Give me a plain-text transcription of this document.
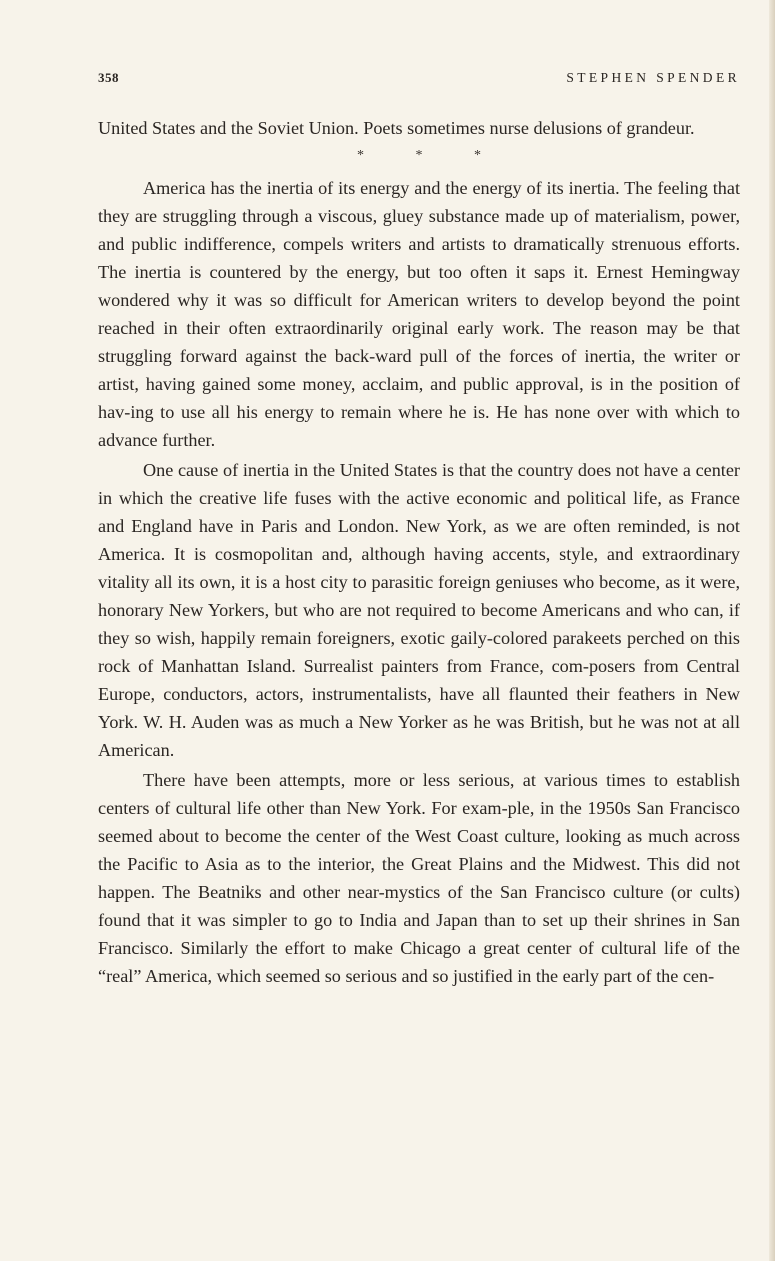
358	STEPHEN SPENDER

United States and the Soviet Union. Poets sometimes nurse delusions of grandeur.

* * *

America has the inertia of its energy and the energy of its inertia. The feeling that they are struggling through a viscous, gluey substance made up of materialism, power, and public indifference, compels writers and artists to dramatically strenuous efforts. The inertia is countered by the energy, but too often it saps it. Ernest Hemingway wondered why it was so difficult for American writers to develop beyond the point reached in their often extraordinarily original early work. The reason may be that struggling forward against the back-ward pull of the forces of inertia, the writer or artist, having gained some money, acclaim, and public approval, is in the position of hav-ing to use all his energy to remain where he is. He has none over with which to advance further.

One cause of inertia in the United States is that the country does not have a center in which the creative life fuses with the active economic and political life, as France and England have in Paris and London. New York, as we are often reminded, is not America. It is cosmopolitan and, although having accents, style, and extraordinary vitality all its own, it is a host city to parasitic foreign geniuses who become, as it were, honorary New Yorkers, but who are not required to become Americans and who can, if they so wish, happily remain foreigners, exotic gaily-colored parakeets perched on this rock of Manhattan Island. Surrealist painters from France, com-posers from Central Europe, conductors, actors, instrumentalists, have all flaunted their feathers in New York. W. H. Auden was as much a New Yorker as he was British, but he was not at all American.

There have been attempts, more or less serious, at various times to establish centers of cultural life other than New York. For exam-ple, in the 1950s San Francisco seemed about to become the center of the West Coast culture, looking as much across the Pacific to Asia as to the interior, the Great Plains and the Midwest. This did not happen. The Beatniks and other near-mystics of the San Francisco culture (or cults) found that it was simpler to go to India and Japan than to set up their shrines in San Francisco. Similarly the effort to make Chicago a great center of cultural life of the “real” America, which seemed so serious and so justified in the early part of the cen-
